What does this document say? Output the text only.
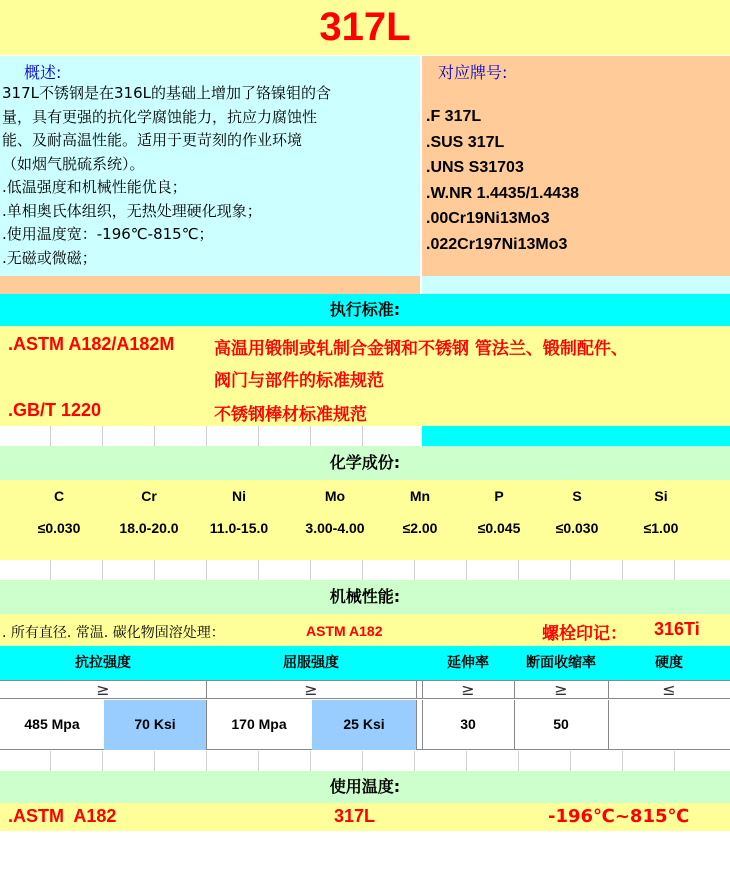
317L
概述:
317L不锈钢是在316L的基础上增加了铬镍钼的含
量，具有更强的抗化学腐蚀能力，抗应力腐蚀性
能、及耐高温性能。适用于更苛刻的作业环境
（如烟气脱硫系统）。
.低温强度和机械性能优良；
.单相奥氏体组织，无热处理硬化现象；
.使用温度宽：-196℃-815℃；
.无磁或微磁；
对应牌号:
.F 317L
.SUS 317L
.UNS S31703
.W.NR 1.4435/1.4438
.00Cr19Ni13Mo3
.022Cr197Ni13Mo3
执行标准:
.ASTM A182/A182M 高温用锻制或轧制合金钢和不锈钢 管法兰、锻制配件、
阀门与部件的标准规范
.GB/T 1220	不锈钢棒材标准规范
化学成份:
C	Cr	Ni	Mo	Mn	P	S	Si
≤0.030	18.0-20.0	11.0-15.0	3.00-4.00	≤2.00	≤0.045	≤0.030	≤1.00
机械性能:
. 所有直径. 常温. 碳化物固溶处理：	ASTM A182	螺栓印记： 316Ti
抗拉强度	屈服强度	延伸率	断面收缩率	硬度
≥	≥	≥	≥	≤
485 Mpa	70 Ksi	170 Mpa	25 Ksi	30	50
使用温度:
.ASTM  A182	317L	-196℃~815℃
